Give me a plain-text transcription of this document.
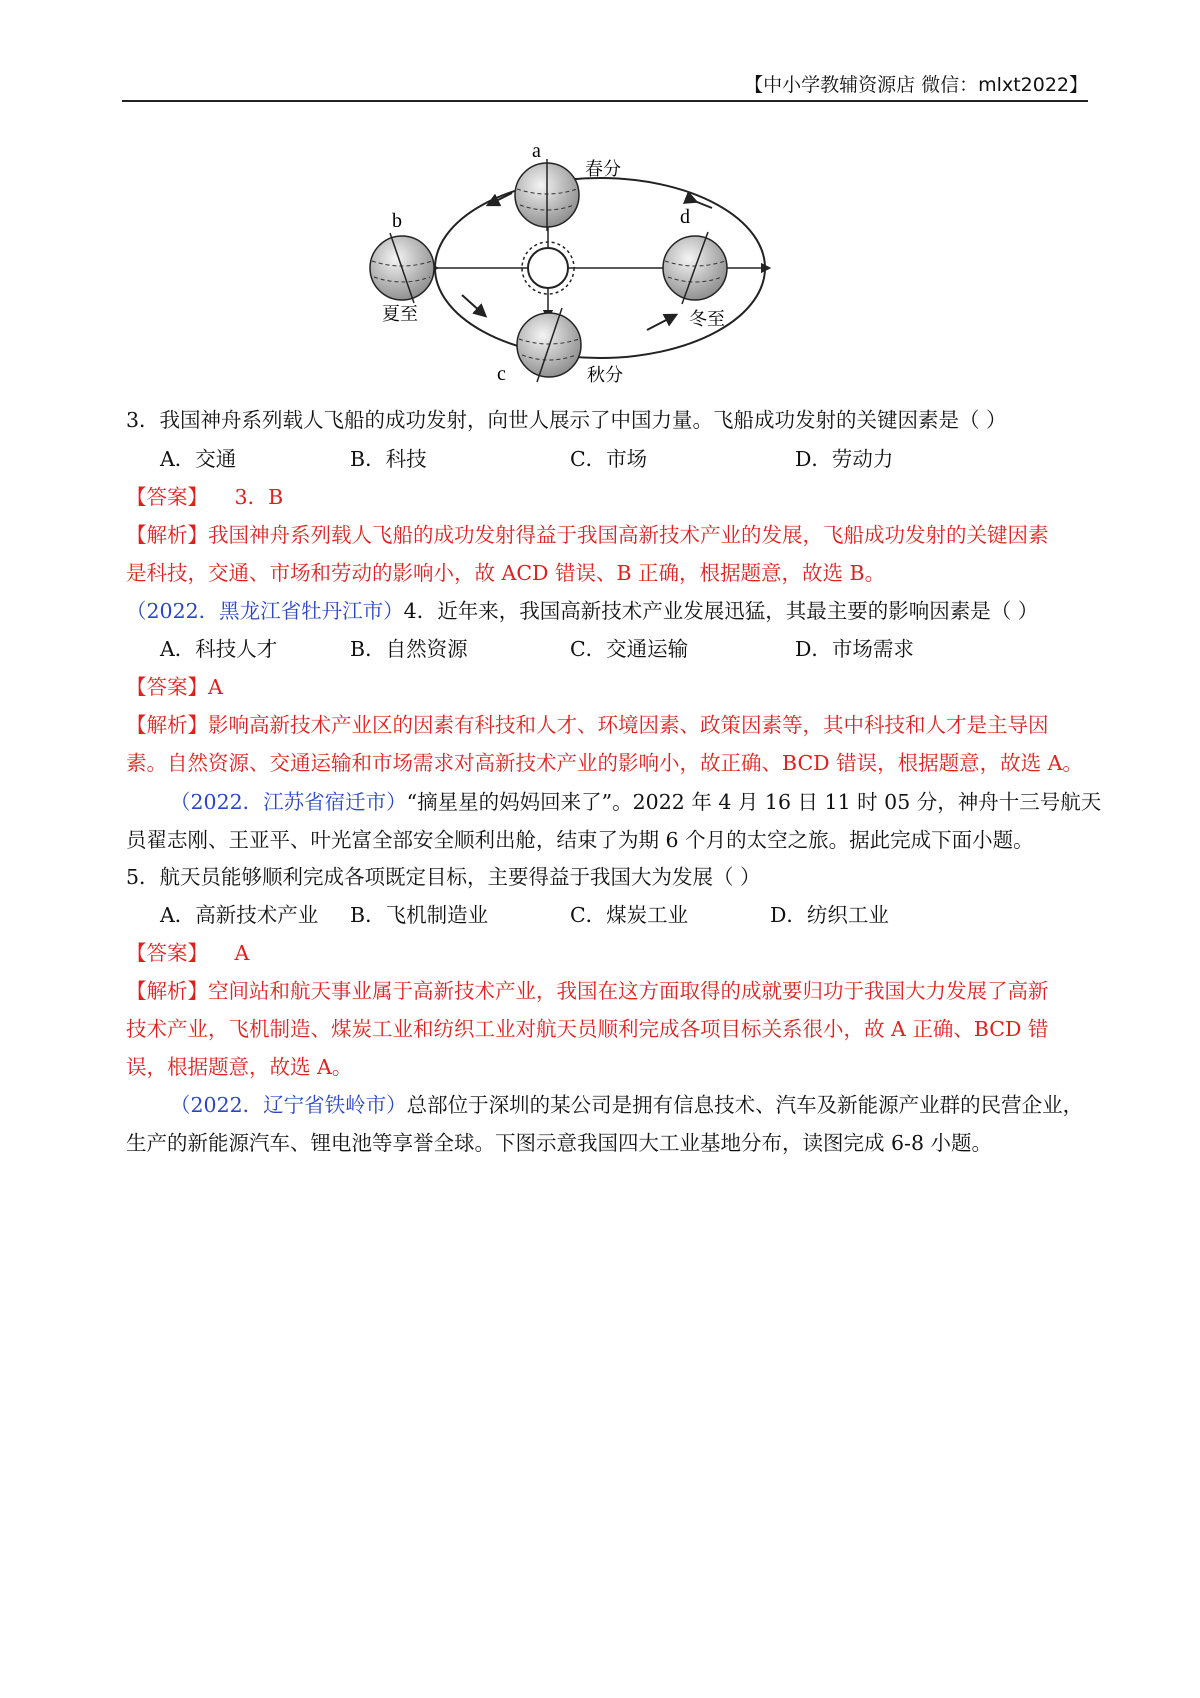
【中小学教辅资源店 微信：mlxt2022】
a
春分
b
夏至
c	秋分
d
冬至
3．我国神舟系列载人飞船的成功发射，向世人展示了中国力量。飞船成功发射的关键因素是（ ）
A．交通	B．科技	C．市场	D．劳动力
【答案】 3．B
【解析】我国神舟系列载人飞船的成功发射得益于我国高新技术产业的发展，飞船成功发射的关键因素
是科技，交通、市场和劳动的影响小，故 ACD 错误、B 正确，根据题意，故选 B。
（2022．黑龙江省牡丹江市）4．近年来，我国高新技术产业发展迅猛，其最主要的影响因素是（ ）
A．科技人才	B．自然资源	C．交通运输	D．市场需求
【答案】A
【解析】影响高新技术产业区的因素有科技和人才、环境因素、政策因素等，其中科技和人才是主导因
素。自然资源、交通运输和市场需求对高新技术产业的影响小，故正确、BCD 错误，根据题意，故选 A。
（2022．江苏省宿迁市）“摘星星的妈妈回来了”。2022 年 4 月 16 日 11 时 05 分，神舟十三号航天
员翟志刚、王亚平、叶光富全部安全顺利出舱，结束了为期 6 个月的太空之旅。据此完成下面小题。
5．航天员能够顺利完成各项既定目标，主要得益于我国大为发展（ ）
A．高新技术产业 B．飞机制造业	C．煤炭工业	D．纺织工业
【答案】 A
【解析】空间站和航天事业属于高新技术产业，我国在这方面取得的成就要归功于我国大力发展了高新
技术产业，飞机制造、煤炭工业和纺织工业对航天员顺利完成各项目标关系很小，故 A 正确、BCD 错
误，根据题意，故选 A。
（2022．辽宁省铁岭市）总部位于深圳的某公司是拥有信息技术、汽车及新能源产业群的民营企业，
生产的新能源汽车、锂电池等享誉全球。下图示意我国四大工业基地分布，读图完成 6-8 小题。
